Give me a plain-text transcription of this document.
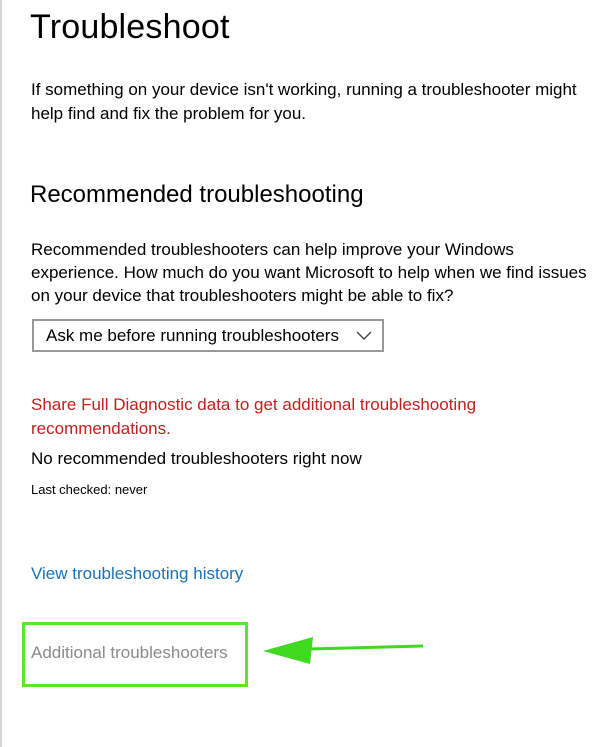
Troubleshoot
If something on your device isn't working, running a troubleshooter might help find and fix the problem for you.
Recommended troubleshooting
Recommended troubleshooters can help improve your Windows experience. How much do you want Microsoft to help when we find issues on your device that troubleshooters might be able to fix?
Ask me before running troubleshooters
Share Full Diagnostic data to get additional troubleshooting recommendations.
No recommended troubleshooters right now
Last checked: never
View troubleshooting history
Additional troubleshooters
